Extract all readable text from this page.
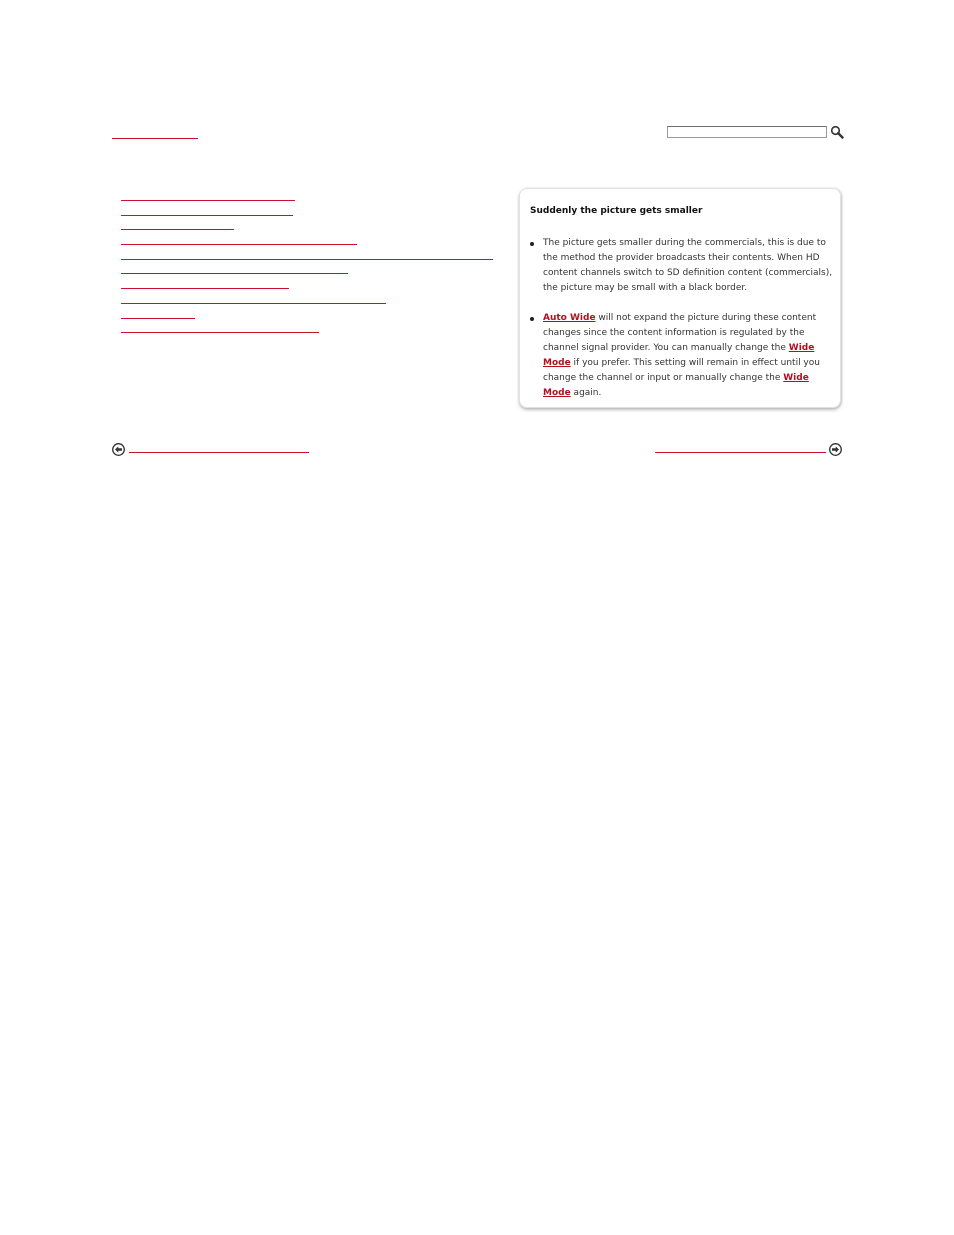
Suddenly the picture gets smaller
The picture gets smaller during the commercials, this is due to the method the provider broadcasts their contents. When HD content channels switch to SD definition content (commercials), the picture may be small with a black border.
Auto Wide will not expand the picture during these content changes since the content information is regulated by the channel signal provider. You can manually change the Wide Mode if you prefer. This setting will remain in effect until you change the channel or input or manually change the Wide Mode again.
